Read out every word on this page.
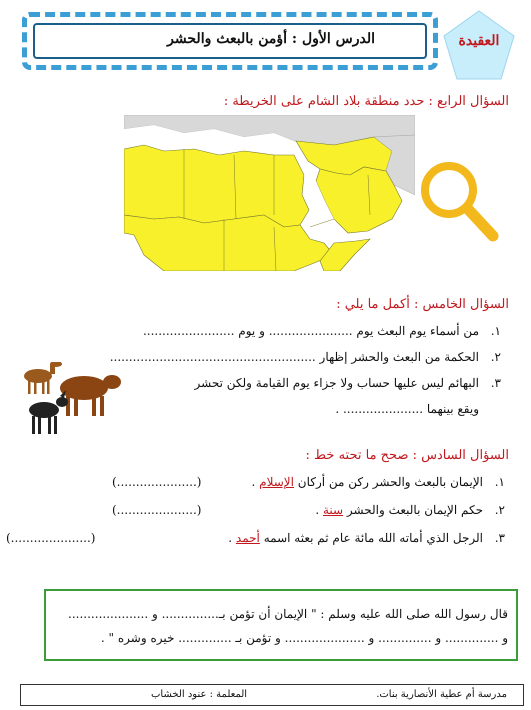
الدرس الأول : أؤمن بالبعث والحشر	العقيدة
السؤال الرابع : حدد منطقة بلاد الشام على الخريطة :
السؤال الخامس : أكمل ما يلي :
١.من أسماء يوم البعث يوم ...................... و يوم ........................
٢.الحكمة من البعث والحشر إظهار ......................................................
٣.البهائم ليس عليها حساب ولا جزاء يوم القيامة ولكن تحشر
ويقع بينهما ..................... .
السؤال السادس : صحح ما تحته خط :
١.الإيمان بالبعث والحشر ركن من أركان الإسلام .
(.....................)
٢.حكم الإيمان بالبعث والحشر سنة .
(.....................)
٣.الرجل الذي أماته الله مائة عام ثم بعثه اسمه أحمد .
(.....................)
قال رسول الله صلى الله عليه وسلم : " الإيمان أن تؤمن بـ............... و .....................
و .............. و .............. و ..................... و تؤمن بـ .............. خيره وشره " .
مدرسة أم عطية الأنصارية بنات.
المعلمة : عنود الخشاب
